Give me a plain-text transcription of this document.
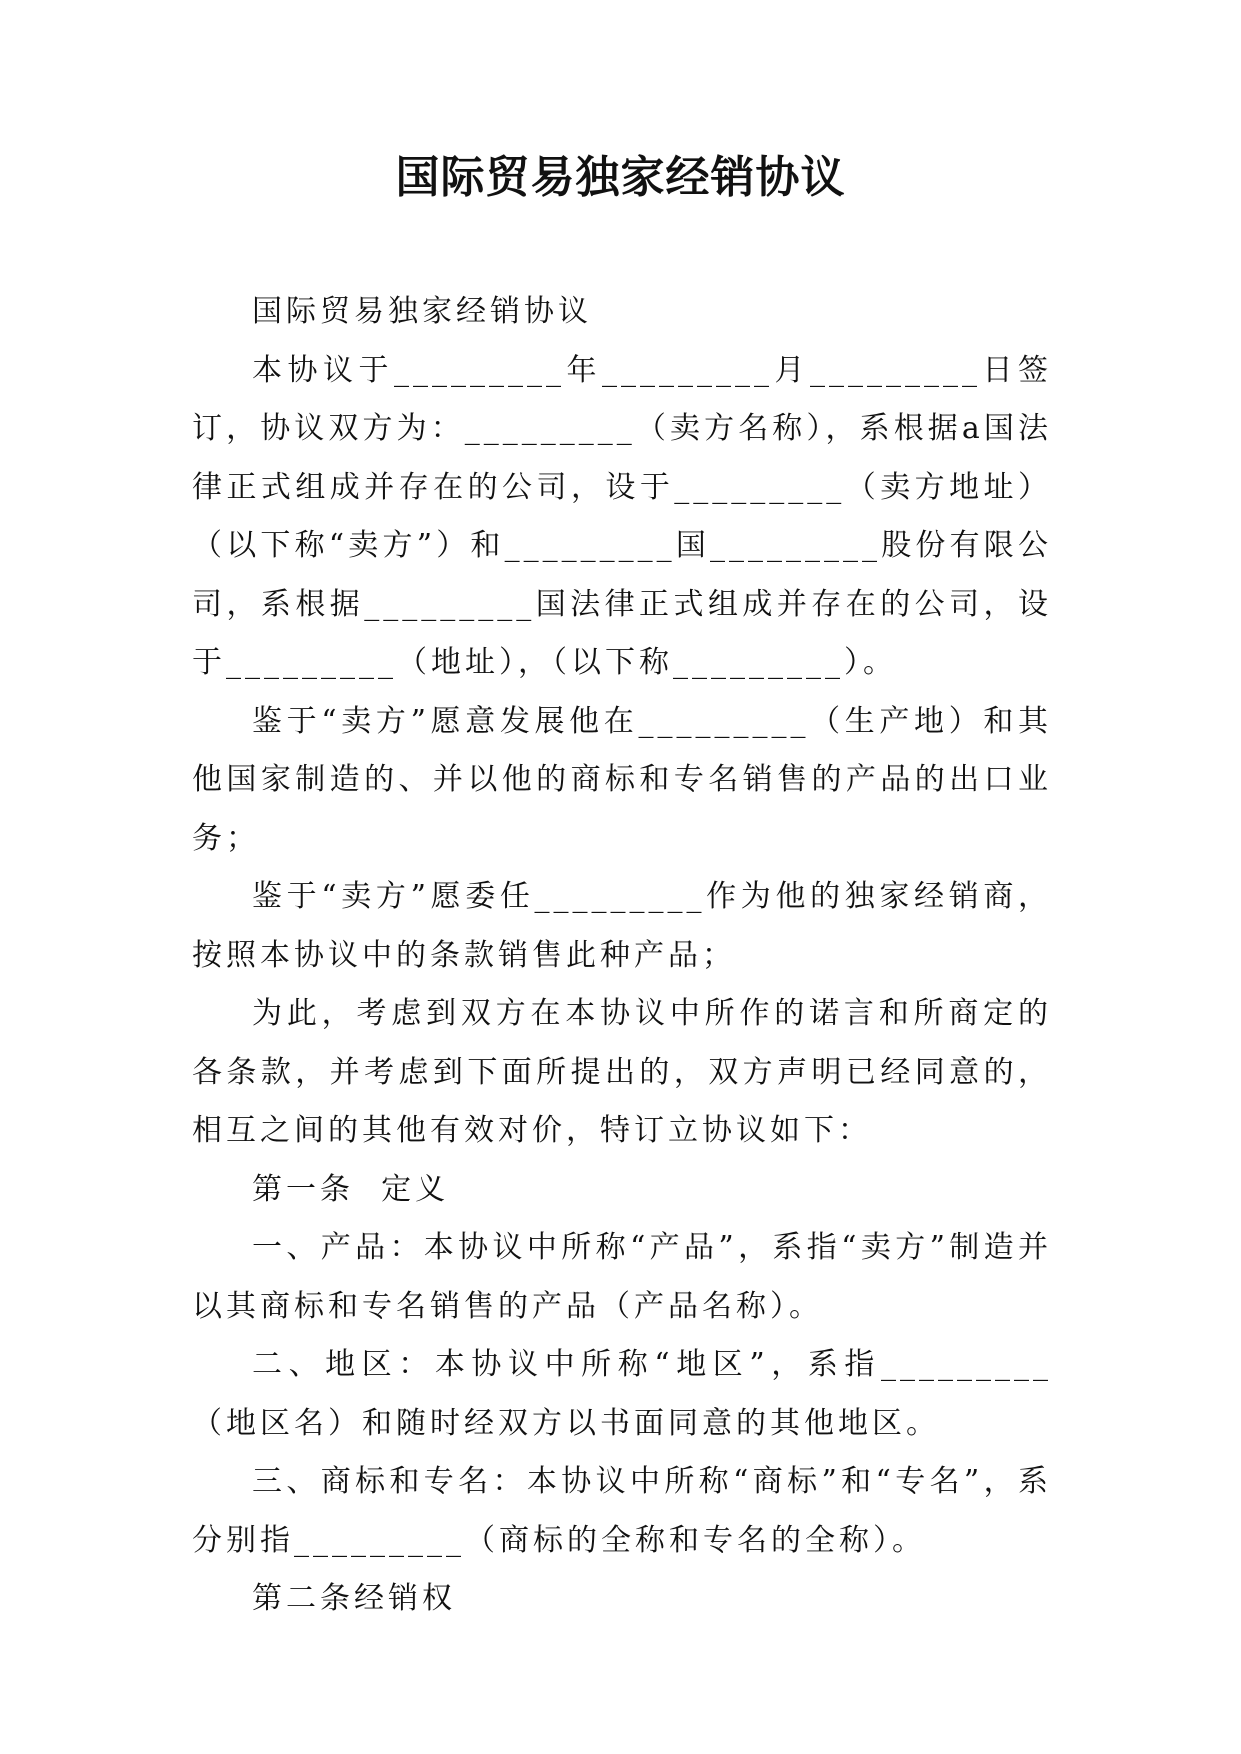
国际贸易独家经销协议

国际贸易独家经销协议

本协议于_________年_________月_________日签订，协议双方为：_________（卖方名称），系根据a国法律正式组成并存在的公司，设于_________（卖方地址）（以下称“卖方”）和_________国_________股份有限公司，系根据_________国法律正式组成并存在的公司，设于_________（地址），（以下称_________）。

鉴于“卖方”愿意发展他在_________（生产地）和其他国家制造的、并以他的商标和专名销售的产品的出口业务；

鉴于“卖方”愿委任_________作为他的独家经销商，按照本协议中的条款销售此种产品；

为此，考虑到双方在本协议中所作的诺言和所商定的各条款，并考虑到下面所提出的，双方声明已经同意的，相互之间的其他有效对价，特订立协议如下：

第一条  定义

一、产品：本协议中所称“产品”，系指“卖方”制造并以其商标和专名销售的产品（产品名称）。

二、地区：本协议中所称“地区”，系指_________（地区名）和随时经双方以书面同意的其他地区。

三、商标和专名：本协议中所称“商标”和“专名”，系分别指_________（商标的全称和专名的全称）。

第二条经销权
